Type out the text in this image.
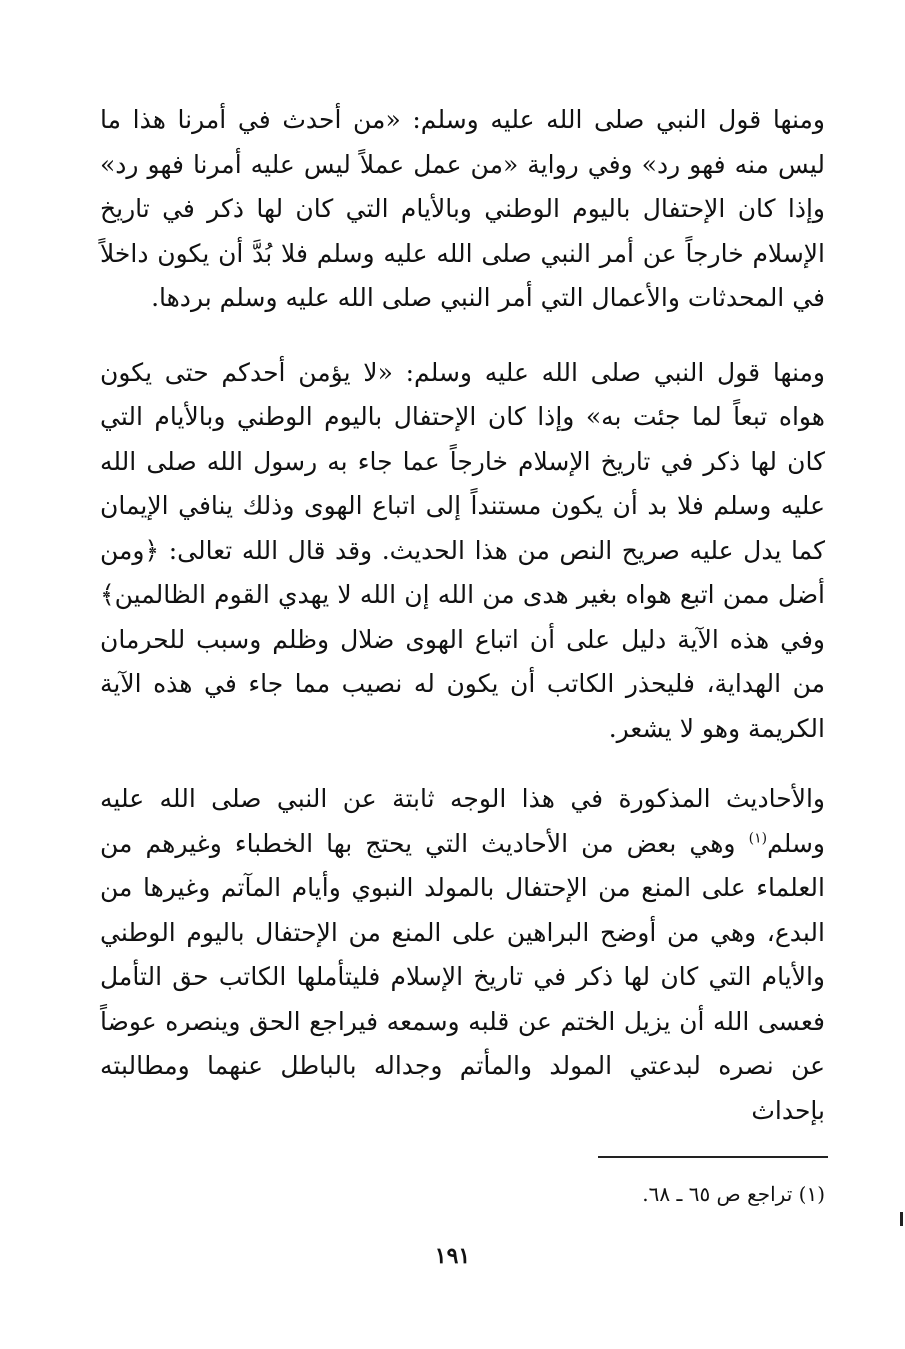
ومنها قول النبي صلى الله عليه وسلم: «من أحدث في أمرنا هذا ما ليس منه فهو رد» وفي رواية «من عمل عملاً ليس عليه أمرنا فهو رد» وإذا كان الإحتفال باليوم الوطني وبالأيام التي كان لها ذكر في تاريخ الإسلام خارجاً عن أمر النبي صلى الله عليه وسلم فلا بُدَّ أن يكون داخلاً في المحدثات والأعمال التي أمر النبي صلى الله عليه وسلم بردها.

ومنها قول النبي صلى الله عليه وسلم: «لا يؤمن أحدكم حتى يكون هواه تبعاً لما جئت به» وإذا كان الإحتفال باليوم الوطني وبالأيام التي كان لها ذكر في تاريخ الإسلام خارجاً عما جاء به رسول الله صلى الله عليه وسلم فلا بد أن يكون مستنداً إلى اتباع الهوى وذلك ينافي الإيمان كما يدل عليه صريح النص من هذا الحديث. وقد قال الله تعالى: ﴿ومن أضل ممن اتبع هواه بغير هدى من الله إن الله لا يهدي القوم الظالمين﴾ وفي هذه الآية دليل على أن اتباع الهوى ضلال وظلم وسبب للحرمان من الهداية، فليحذر الكاتب أن يكون له نصيب مما جاء في هذه الآية الكريمة وهو لا يشعر.

والأحاديث المذكورة في هذا الوجه ثابتة عن النبي صلى الله عليه وسلم$^{(١)}$ وهي بعض من الأحاديث التي يحتج بها الخطباء وغيرهم من العلماء على المنع من الإحتفال بالمولد النبوي وأيام المآتم وغيرها من البدع، وهي من أوضح البراهين على المنع من الإحتفال باليوم الوطني والأيام التي كان لها ذكر في تاريخ الإسلام فليتأملها الكاتب حق التأمل فعسى الله أن يزيل الختم عن قلبه وسمعه فيراجع الحق وينصره عوضاً عن نصره لبدعتي المولد والمأتم وجداله بالباطل عنهما ومطالبته بإحداث

(١) تراجع ص ٦٥ ـ ٦٨.
١٩١
